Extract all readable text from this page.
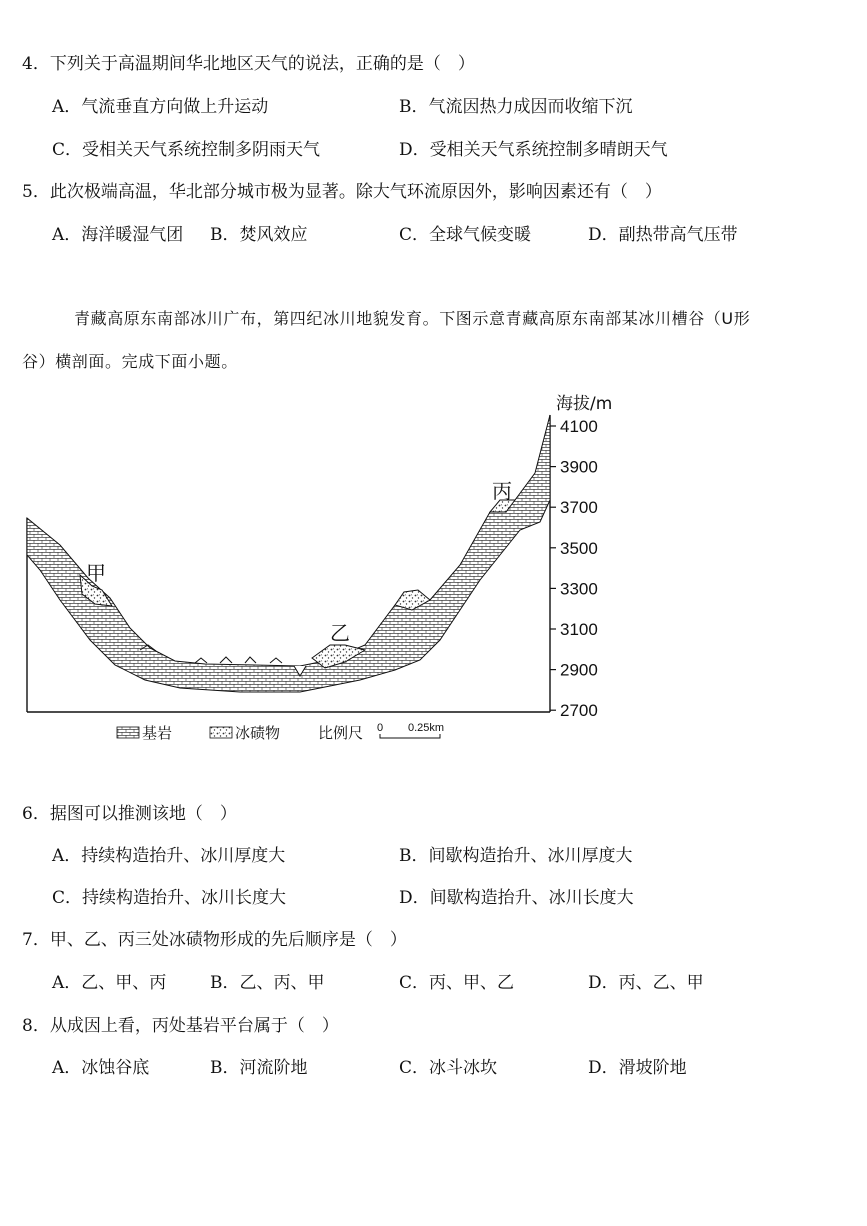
4．下列关于高温期间华北地区天气的说法，正确的是（　）
A．气流垂直方向做上升运动	B．气流因热力成因而收缩下沉
C．受相关天气系统控制多阴雨天气	D．受相关天气系统控制多晴朗天气
5．此次极端高温，华北部分城市极为显著。除大气环流原因外，影响因素还有（　）
A．海洋暖湿气团 B．焚风效应	C．全球气候变暖	D．副热带高气压带
青藏高原东南部冰川广布，第四纪冰川地貌发育。下图示意青藏高原东南部某冰川槽谷（U形
谷）横剖面。完成下面小题。
甲
乙
丙
海拔/m
4100
3900
3700
3500
3300
3100
2900
2700
基岩	冰碛物	比例尺 0 0.25km
6．据图可以推测该地（　）
A．持续构造抬升、冰川厚度大	B．间歇构造抬升、冰川厚度大
C．持续构造抬升、冰川长度大	D．间歇构造抬升、冰川长度大
7．甲、乙、丙三处冰碛物形成的先后顺序是（　）
A．乙、甲、丙	B．乙、丙、甲	C．丙、甲、乙	D．丙、乙、甲
8．从成因上看，丙处基岩平台属于（　）
A．冰蚀谷底	B．河流阶地	C．冰斗冰坎	D．滑坡阶地
